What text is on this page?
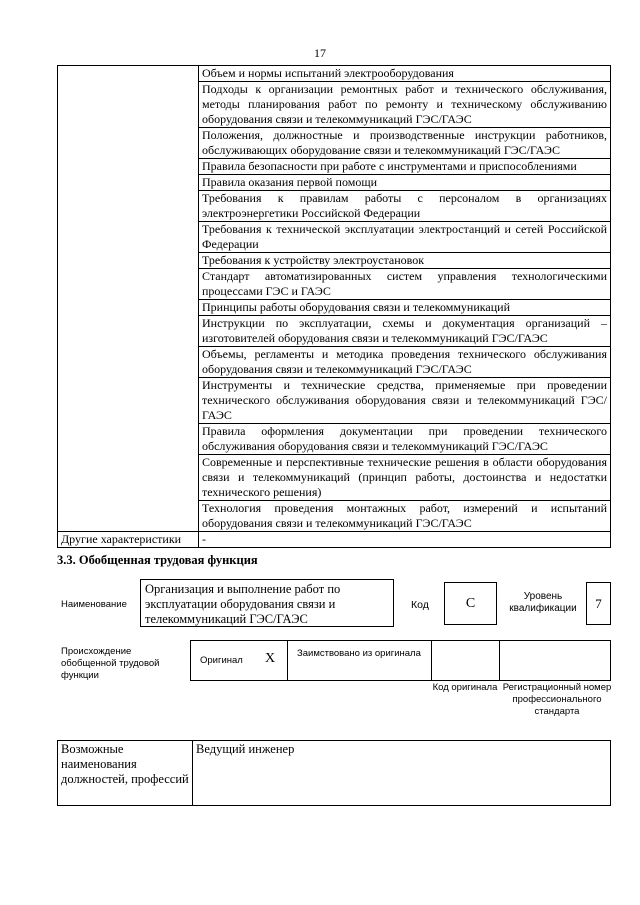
17
	Объем и нормы испытаний электрооборудования
	Подходы к организации ремонтных работ и технического обслуживания, методы планирования работ по ремонту и техническому обслуживанию оборудования связи и телекоммуникаций ГЭС/ГАЭС
	Положения, должностные и производственные инструкции работников, обслуживающих оборудование связи и телекоммуникаций ГЭС/ГАЭС
	Правила безопасности при работе с инструментами и приспособлениями
	Правила оказания первой помощи
	Требования к правилам работы с персоналом в организациях электроэнергетики Российской Федерации
	Требования к технической эксплуатации электростанций и сетей Российской Федерации
	Требования к устройству электроустановок
	Стандарт автоматизированных систем управления технологическими процессами ГЭС и ГАЭС
	Принципы работы оборудования связи и телекоммуникаций
	Инструкции по эксплуатации, схемы и документация организаций – изготовителей оборудования связи и телекоммуникаций ГЭС/ГАЭС
	Объемы, регламенты и методика проведения технического обслуживания оборудования связи и телекоммуникаций ГЭС/ГАЭС
	Инструменты и технические средства, применяемые при проведении технического обслуживания оборудования связи и телекоммуникаций ГЭС/ГАЭС
	Правила оформления документации при проведении технического обслуживания оборудования связи и телекоммуникаций ГЭС/ГАЭС
	Современные и перспективные технические решения в области оборудования связи и телекоммуникаций (принцип работы, достоинства и недостатки технического решения)
	Технология проведения монтажных работ, измерений и испытаний оборудования связи и телекоммуникаций ГЭС/ГАЭС
Другие характеристики	-
3.3. Обобщенная трудовая функция
Наименование
Организация и выполнение работ по эксплуатации оборудования связи и телекоммуникаций ГЭС/ГАЭС
Код	C	Уровень квалификации 7
Происхождение обобщенной трудовой функции
Оригинал X Заимствовано из оригинала
Код оригинала Регистрационный номер профессионального стандарта
Возможные наименования должностей, профессий	Ведущий инженер
